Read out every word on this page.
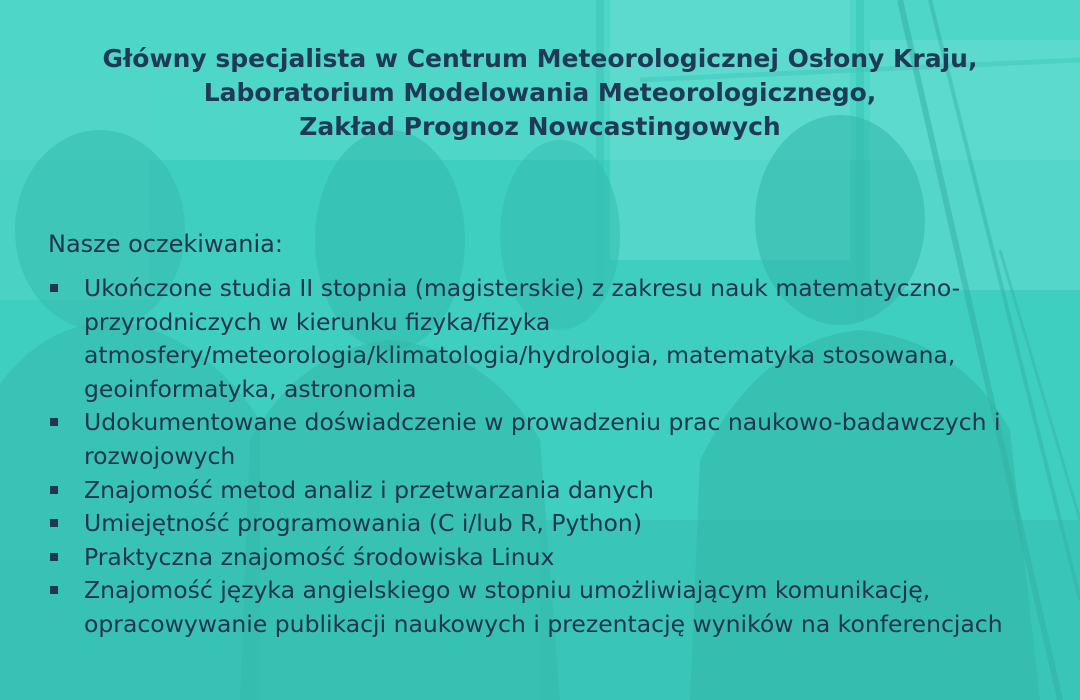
Główny specjalista w Centrum Meteorologicznej Osłony Kraju,
Laboratorium Modelowania Meteorologicznego,
Zakład Prognoz Nowcastingowych
Nasze oczekiwania:
Ukończone studia II stopnia (magisterskie) z zakresu nauk matematyczno-przyrodniczych w kierunku fizyka/fizyka atmosfery/meteorologia/klimatologia/hydrologia, matematyka stosowana, geoinformatyka, astronomia
Udokumentowane doświadczenie w prowadzeniu prac naukowo-badawczych i rozwojowych
Znajomość metod analiz i przetwarzania danych
Umiejętność programowania (C i/lub R, Python)
Praktyczna znajomość środowiska Linux
Znajomość języka angielskiego w stopniu umożliwiającym komunikację, opracowywanie publikacji naukowych i prezentację wyników na konferencjach
